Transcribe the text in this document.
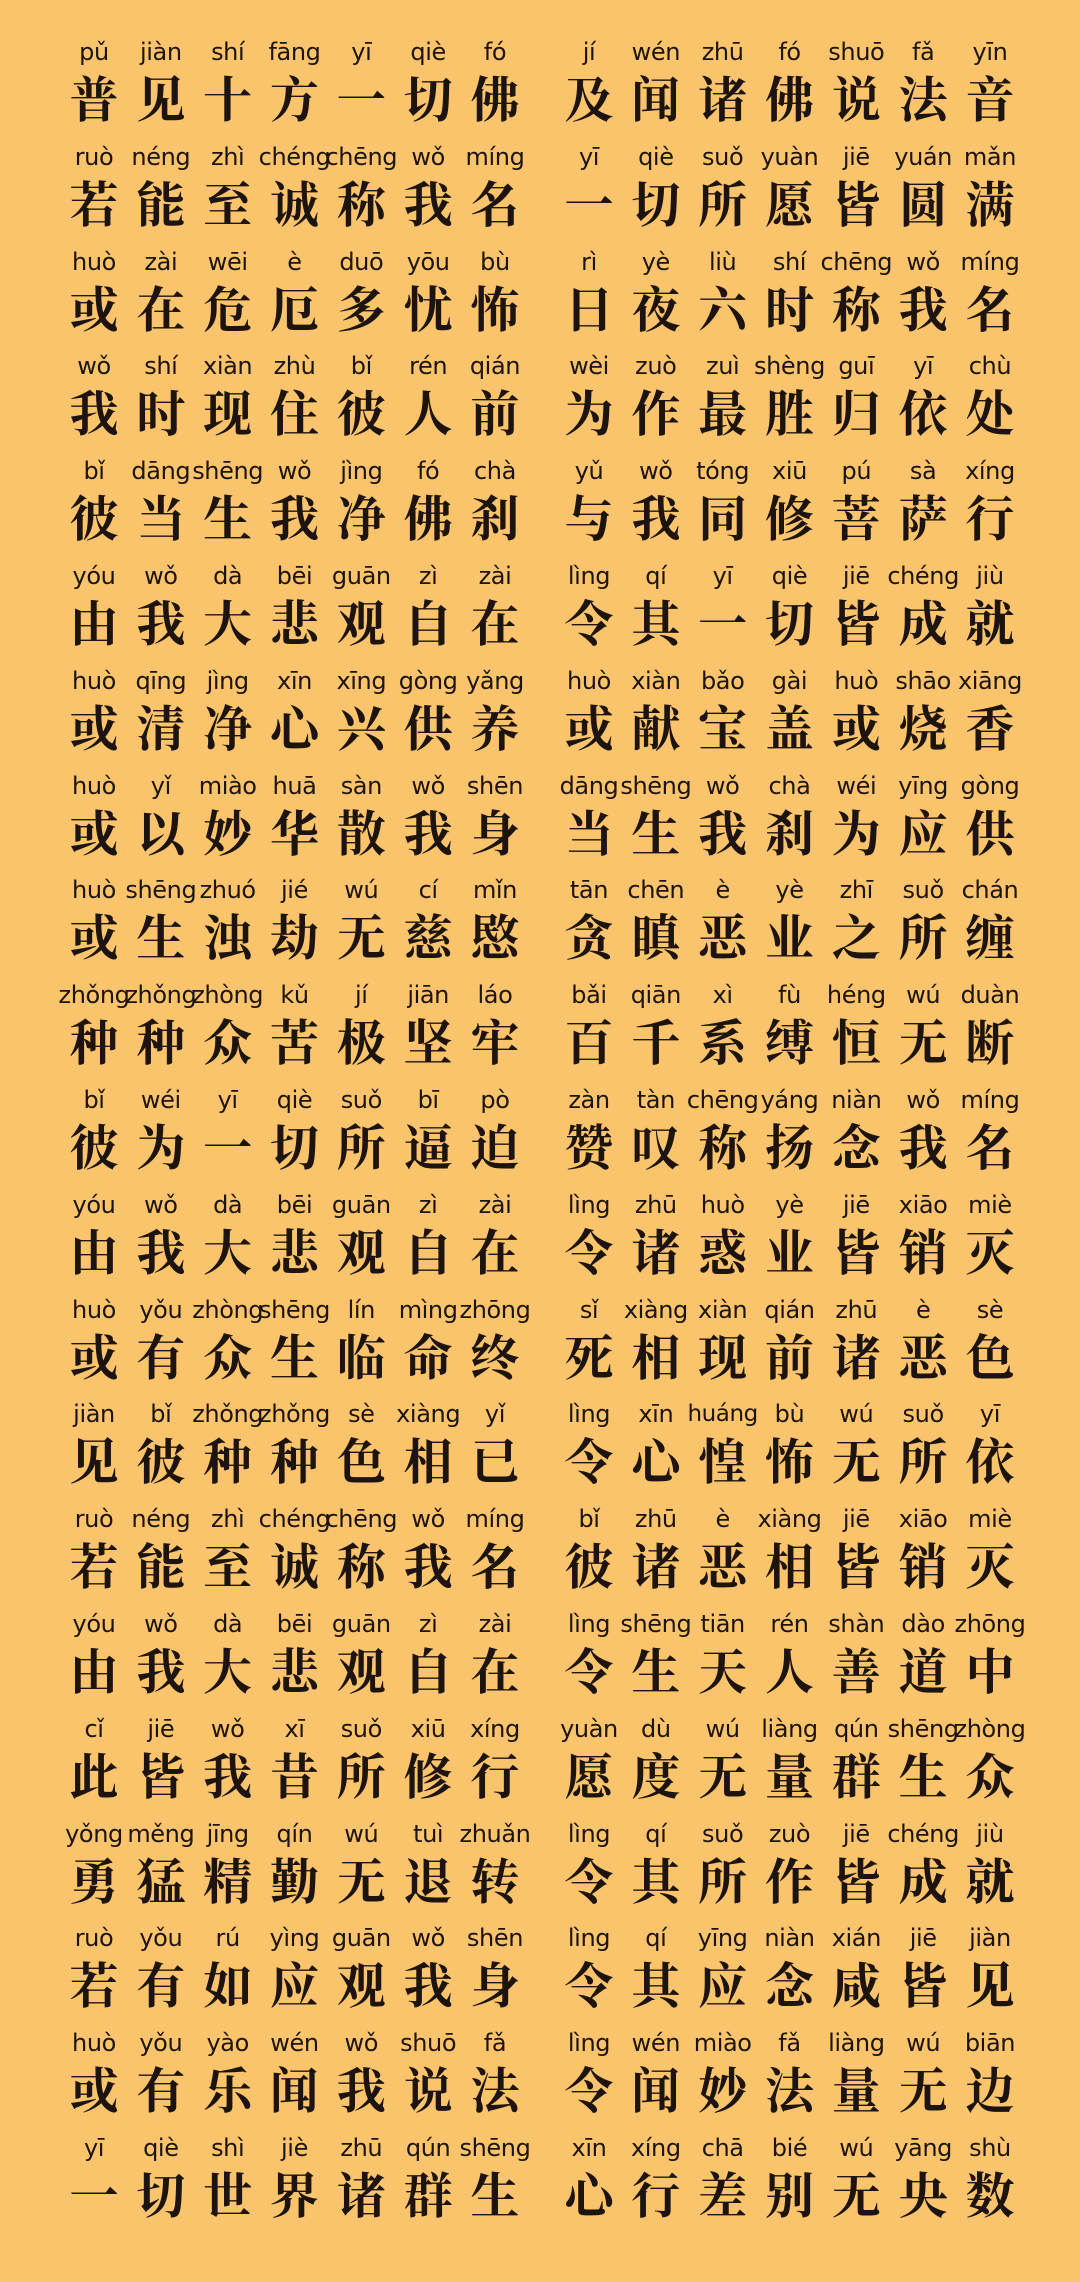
pǔ
普
jiàn
见
shí
十
fāng
方
yī
一
qiè
切
fó
佛
jí
及
wén
闻
zhū
诸
fó
佛
shuō
说
fǎ
法
yīn
音
ruò
若
néng
能
zhì
至
chéng
诚
chēng
称
wǒ
我
míng
名
yī
一
qiè
切
suǒ
所
yuàn
愿
jiē
皆
yuán
圆
mǎn
满
huò
或
zài
在
wēi
危
è
厄
duō
多
yōu
忧
bù
怖
rì
日
yè
夜
liù
六
shí
时
chēng
称
wǒ
我
míng
名
wǒ
我
shí
时
xiàn
现
zhù
住
bǐ
彼
rén
人
qián
前
wèi
为
zuò
作
zuì
最
shèng
胜
guī
归
yī
依
chù
处
bǐ
彼
dāng
当
shēng
生
wǒ
我
jìng
净
fó
佛
chà
刹
yǔ
与
wǒ
我
tóng
同
xiū
修
pú
菩
sà
萨
xíng
行
yóu
由
wǒ
我
dà
大
bēi
悲
guān
观
zì
自
zài
在
lìng
令
qí
其
yī
一
qiè
切
jiē
皆
chéng
成
jiù
就
huò
或
qīng
清
jìng
净
xīn
心
xīng
兴
gòng
供
yǎng
养
huò
或
xiàn
献
bǎo
宝
gài
盖
huò
或
shāo
烧
xiāng
香
huò
或
yǐ
以
miào
妙
huā
华
sàn
散
wǒ
我
shēn
身
dāng
当
shēng
生
wǒ
我
chà
刹
wéi
为
yīng
应
gòng
供
huò
或
shēng
生
zhuó
浊
jié
劫
wú
无
cí
慈
mǐn
愍
tān
贪
chēn
瞋
è
恶
yè
业
zhī
之
suǒ
所
chán
缠
zhǒng
种
zhǒng
种
zhòng
众
kǔ
苦
jí
极
jiān
坚
láo
牢
bǎi
百
qiān
千
xì
系
fù
缚
héng
恒
wú
无
duàn
断
bǐ
彼
wéi
为
yī
一
qiè
切
suǒ
所
bī
逼
pò
迫
zàn
赞
tàn
叹
chēng
称
yáng
扬
niàn
念
wǒ
我
míng
名
yóu
由
wǒ
我
dà
大
bēi
悲
guān
观
zì
自
zài
在
lìng
令
zhū
诸
huò
惑
yè
业
jiē
皆
xiāo
销
miè
灭
huò
或
yǒu
有
zhòng
众
shēng
生
lín
临
mìng
命
zhōng
终
sǐ
死
xiàng
相
xiàn
现
qián
前
zhū
诸
è
恶
sè
色
jiàn
见
bǐ
彼
zhǒng
种
zhǒng
种
sè
色
xiàng
相
yǐ
已
lìng
令
xīn
心
huáng
惶
bù
怖
wú
无
suǒ
所
yī
依
ruò
若
néng
能
zhì
至
chéng
诚
chēng
称
wǒ
我
míng
名
bǐ
彼
zhū
诸
è
恶
xiàng
相
jiē
皆
xiāo
销
miè
灭
yóu
由
wǒ
我
dà
大
bēi
悲
guān
观
zì
自
zài
在
lìng
令
shēng
生
tiān
天
rén
人
shàn
善
dào
道
zhōng
中
cǐ
此
jiē
皆
wǒ
我
xī
昔
suǒ
所
xiū
修
xíng
行
yuàn
愿
dù
度
wú
无
liàng
量
qún
群
shēng
生
zhòng
众
yǒng
勇
měng
猛
jīng
精
qín
勤
wú
无
tuì
退
zhuǎn
转
lìng
令
qí
其
suǒ
所
zuò
作
jiē
皆
chéng
成
jiù
就
ruò
若
yǒu
有
rú
如
yìng
应
guān
观
wǒ
我
shēn
身
lìng
令
qí
其
yīng
应
niàn
念
xián
咸
jiē
皆
jiàn
见
huò
或
yǒu
有
yào
乐
wén
闻
wǒ
我
shuō
说
fǎ
法
lìng
令
wén
闻
miào
妙
fǎ
法
liàng
量
wú
无
biān
边
yī
一
qiè
切
shì
世
jiè
界
zhū
诸
qún
群
shēng
生
xīn
心
xíng
行
chā
差
bié
别
wú
无
yāng
央
shù
数
